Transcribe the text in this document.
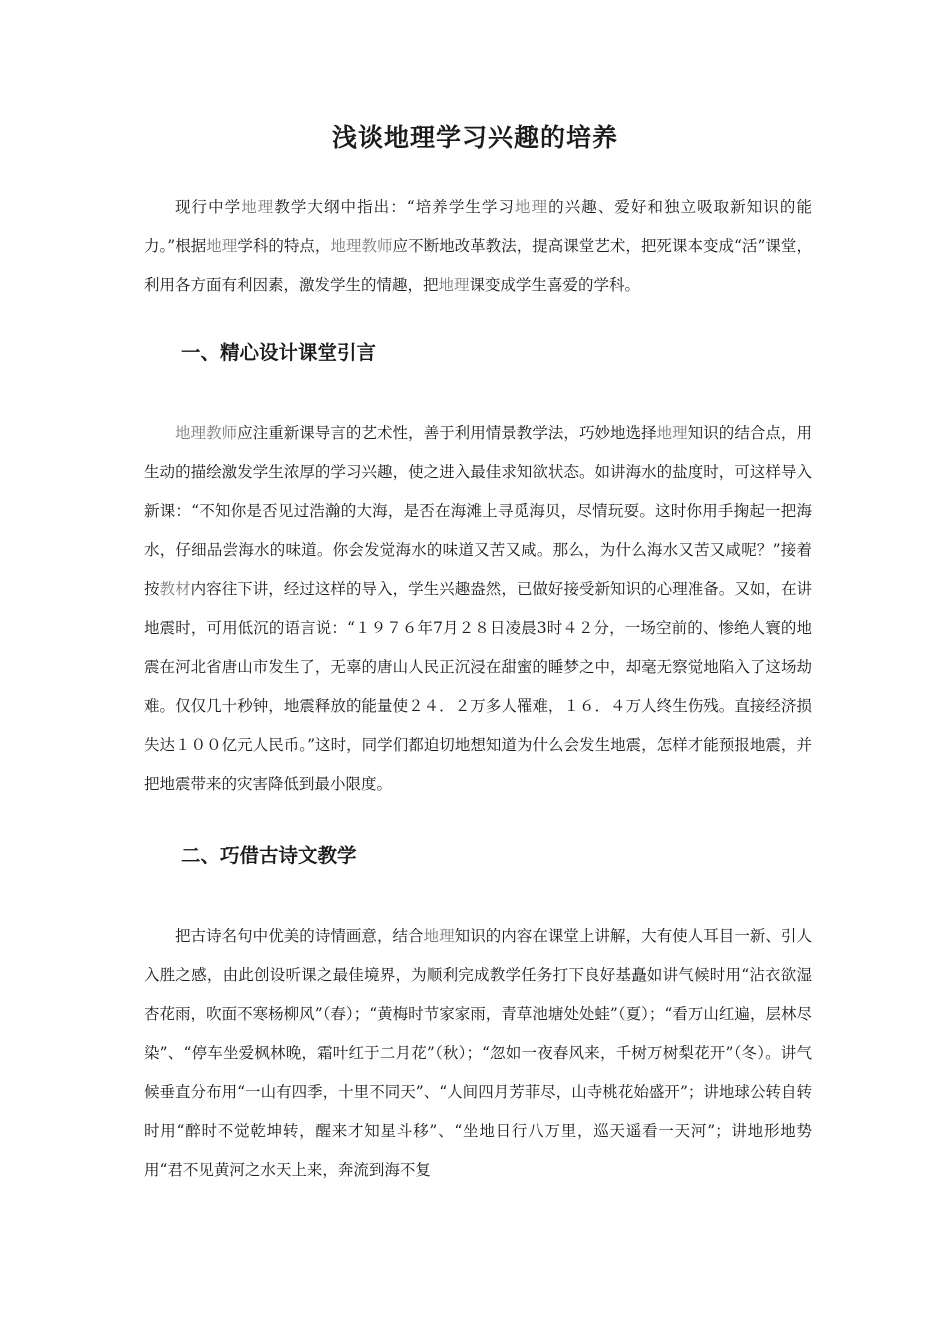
浅谈地理学习兴趣的培养

现行中学地理教学大纲中指出：“培养学生学习地理的兴趣、爱好和独立吸取新知识的能力。”根据地理学科的特点，地理教师应不断地改革教法，提高课堂艺术，把死课本变成“活”课堂，利用各方面有利因素，激发学生的情趣，把地理课变成学生喜爱的学科。

一、精心设计课堂引言

地理教师应注重新课导言的艺术性，善于利用情景教学法，巧妙地选择地理知识的结合点，用生动的描绘激发学生浓厚的学习兴趣，使之进入最佳求知欲状态。如讲海水的盐度时，可这样导入新课：“不知你是否见过浩瀚的大海，是否在海滩上寻觅海贝，尽情玩耍。这时你用手掬起一把海水，仔细品尝海水的味道。你会发觉海水的味道又苦又咸。那么，为什么海水又苦又咸呢？”接着按教材内容往下讲，经过这样的导入，学生兴趣盎然，已做好接受新知识的心理准备。又如，在讲地震时，可用低沉的语言说：“１９７６年7月２８日凌晨3时４２分，一场空前的、惨绝人寰的地震在河北省唐山市发生了，无辜的唐山人民正沉浸在甜蜜的睡梦之中，却毫无察觉地陷入了这场劫难。仅仅几十秒钟，地震释放的能量使２４．２万多人罹难，１６．４万人终生伤残。直接经济损失达１００亿元人民币。”这时，同学们都迫切地想知道为什么会发生地震，怎样才能预报地震，并把地震带来的灾害降低到最小限度。

二、巧借古诗文教学

把古诗名句中优美的诗情画意，结合地理知识的内容在课堂上讲解，大有使人耳目一新、引人入胜之感，由此创设听课之最佳境界，为顺利完成教学任务打下良好基矗如讲气候时用“沾衣欲湿杏花雨，吹面不寒杨柳风”（春）；“黄梅时节家家雨，青草池塘处处蛙”（夏）；“看万山红遍，层林尽染”、“停车坐爱枫林晚，霜叶红于二月花”（秋）；“忽如一夜春风来，千树万树梨花开”（冬）。讲气候垂直分布用“一山有四季，十里不同天”、“人间四月芳菲尽，山寺桃花始盛开”；讲地球公转自转时用“醉时不觉乾坤转，醒来才知星斗移”、“坐地日行八万里，巡天遥看一天河”；讲地形地势用“君不见黄河之水天上来，奔流到海不复
